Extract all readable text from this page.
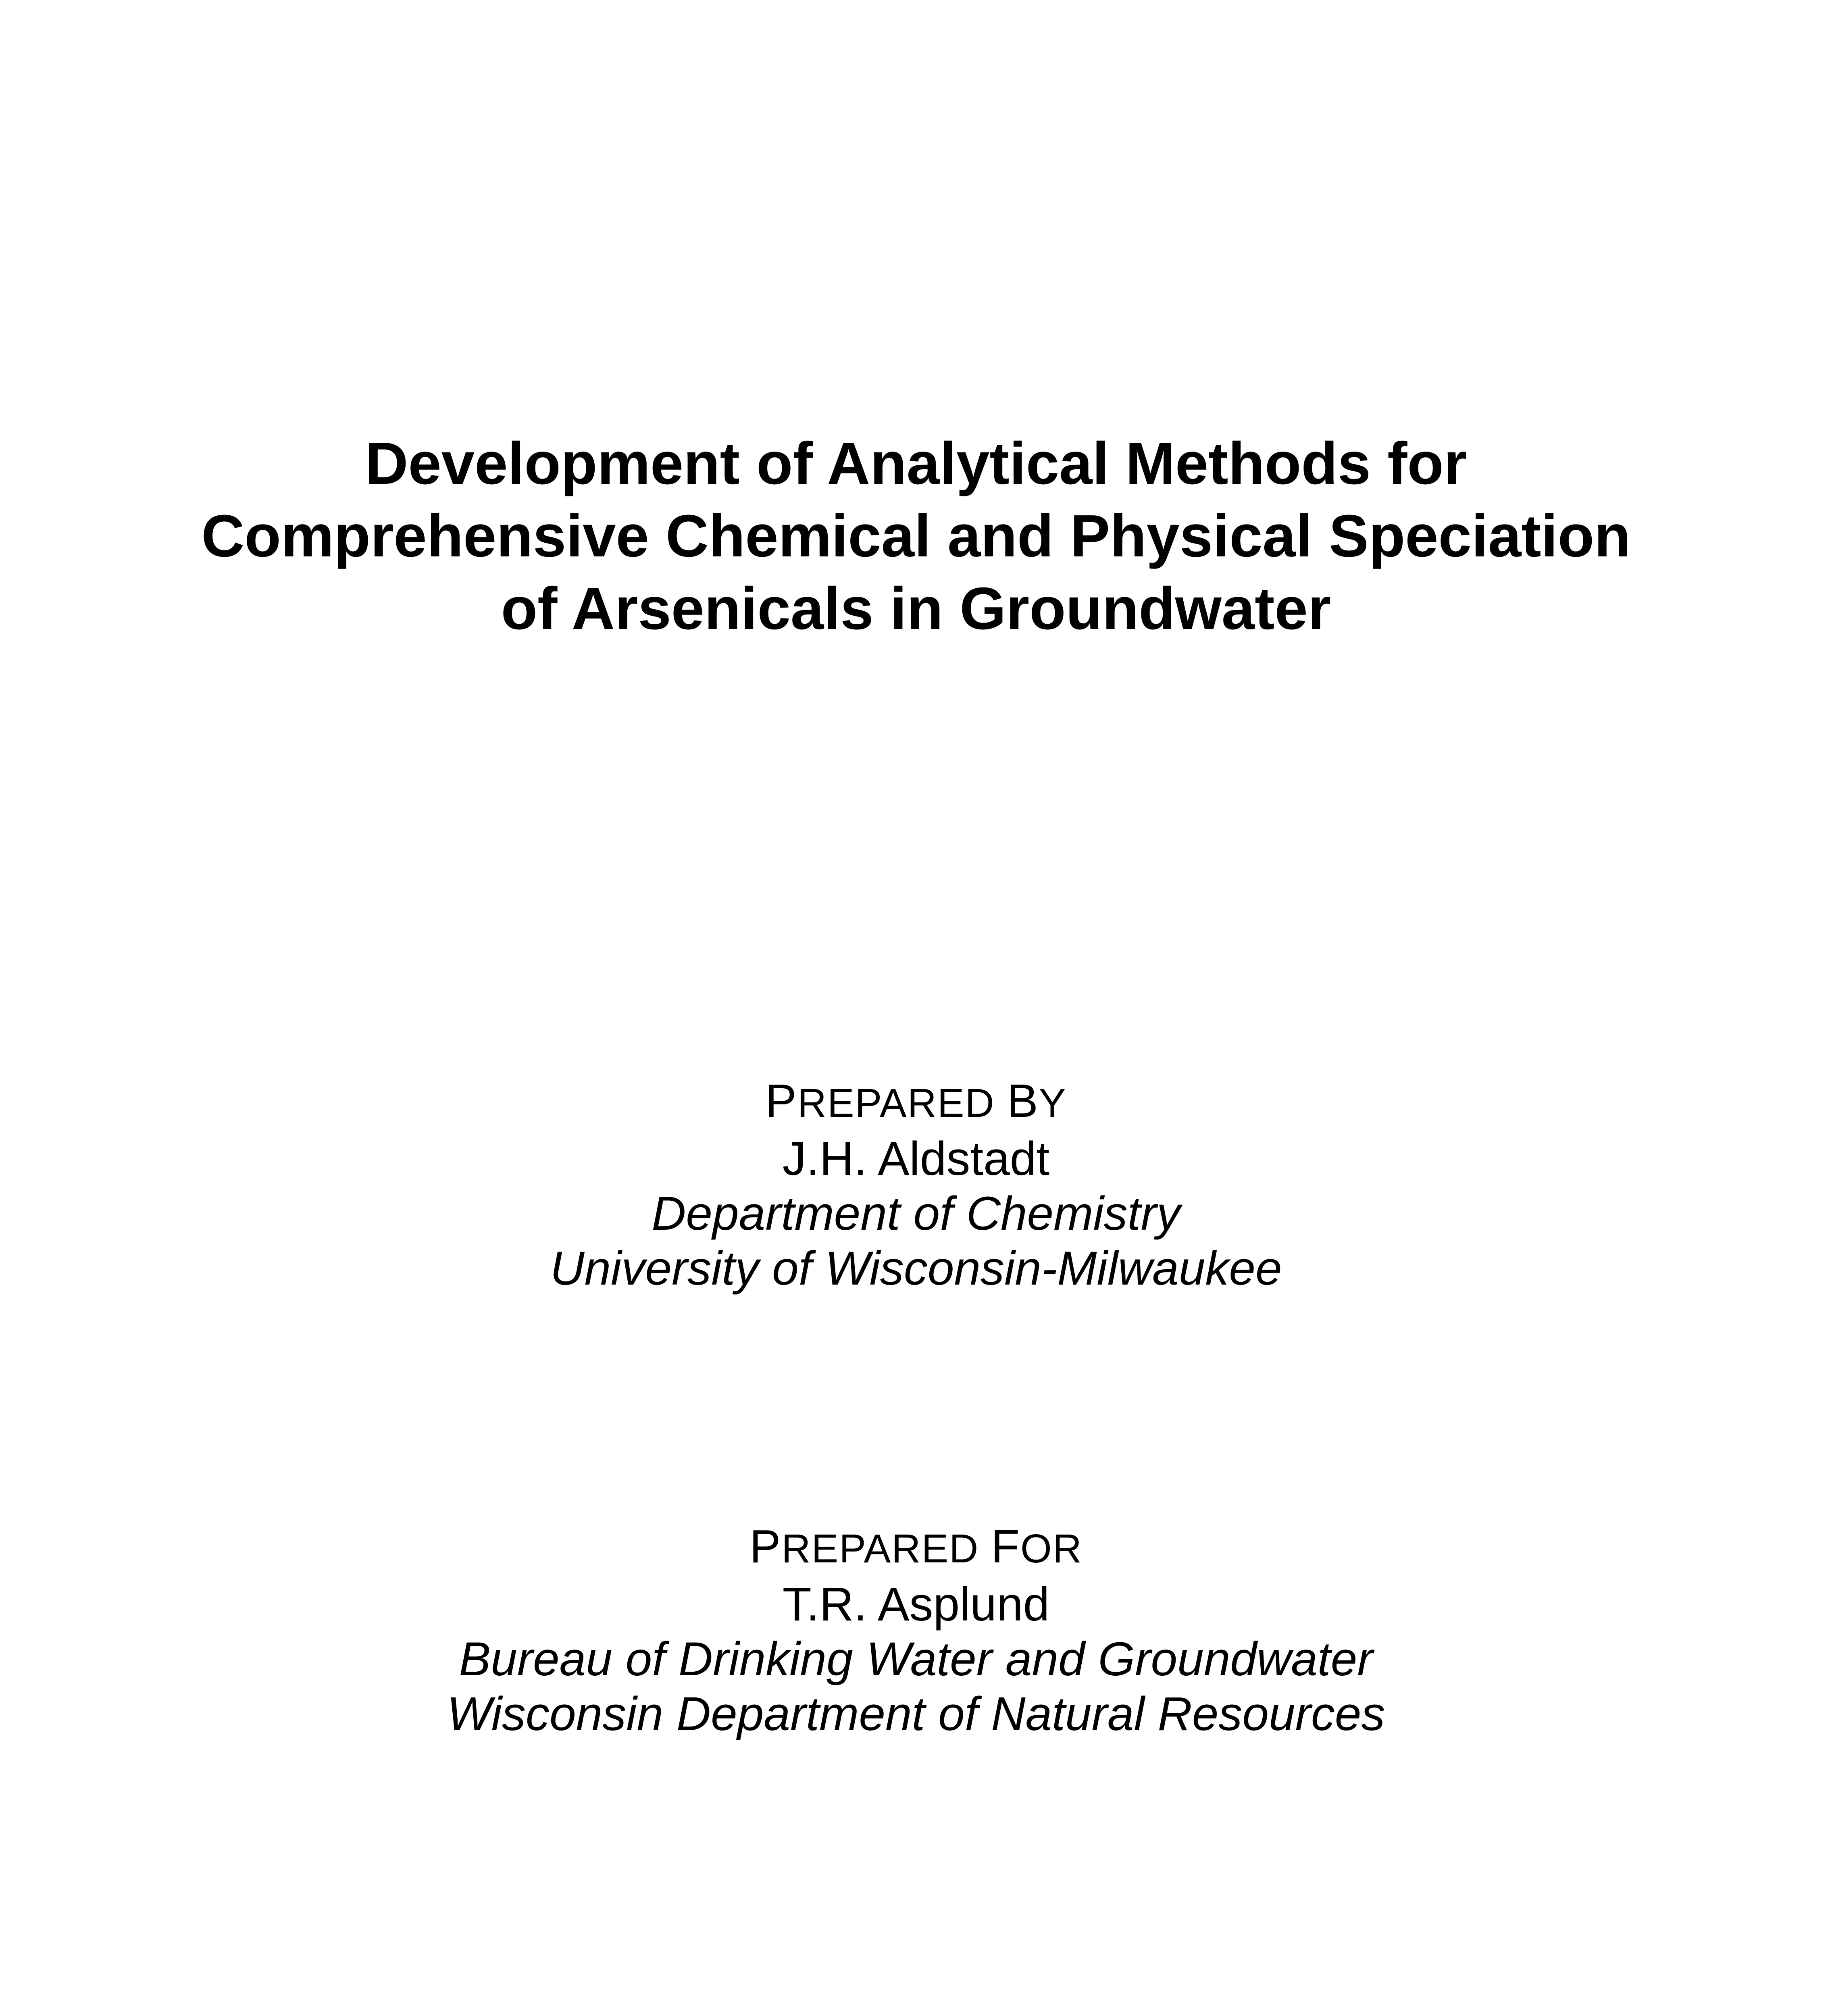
Development of Analytical Methods for
Comprehensive Chemical and Physical Speciation
of Arsenicals in Groundwater
PREPARED BY
J.H. Aldstadt
Department of Chemistry
University of Wisconsin-Milwaukee
PREPARED FOR
T.R. Asplund
Bureau of Drinking Water and Groundwater
Wisconsin Department of Natural Resources
